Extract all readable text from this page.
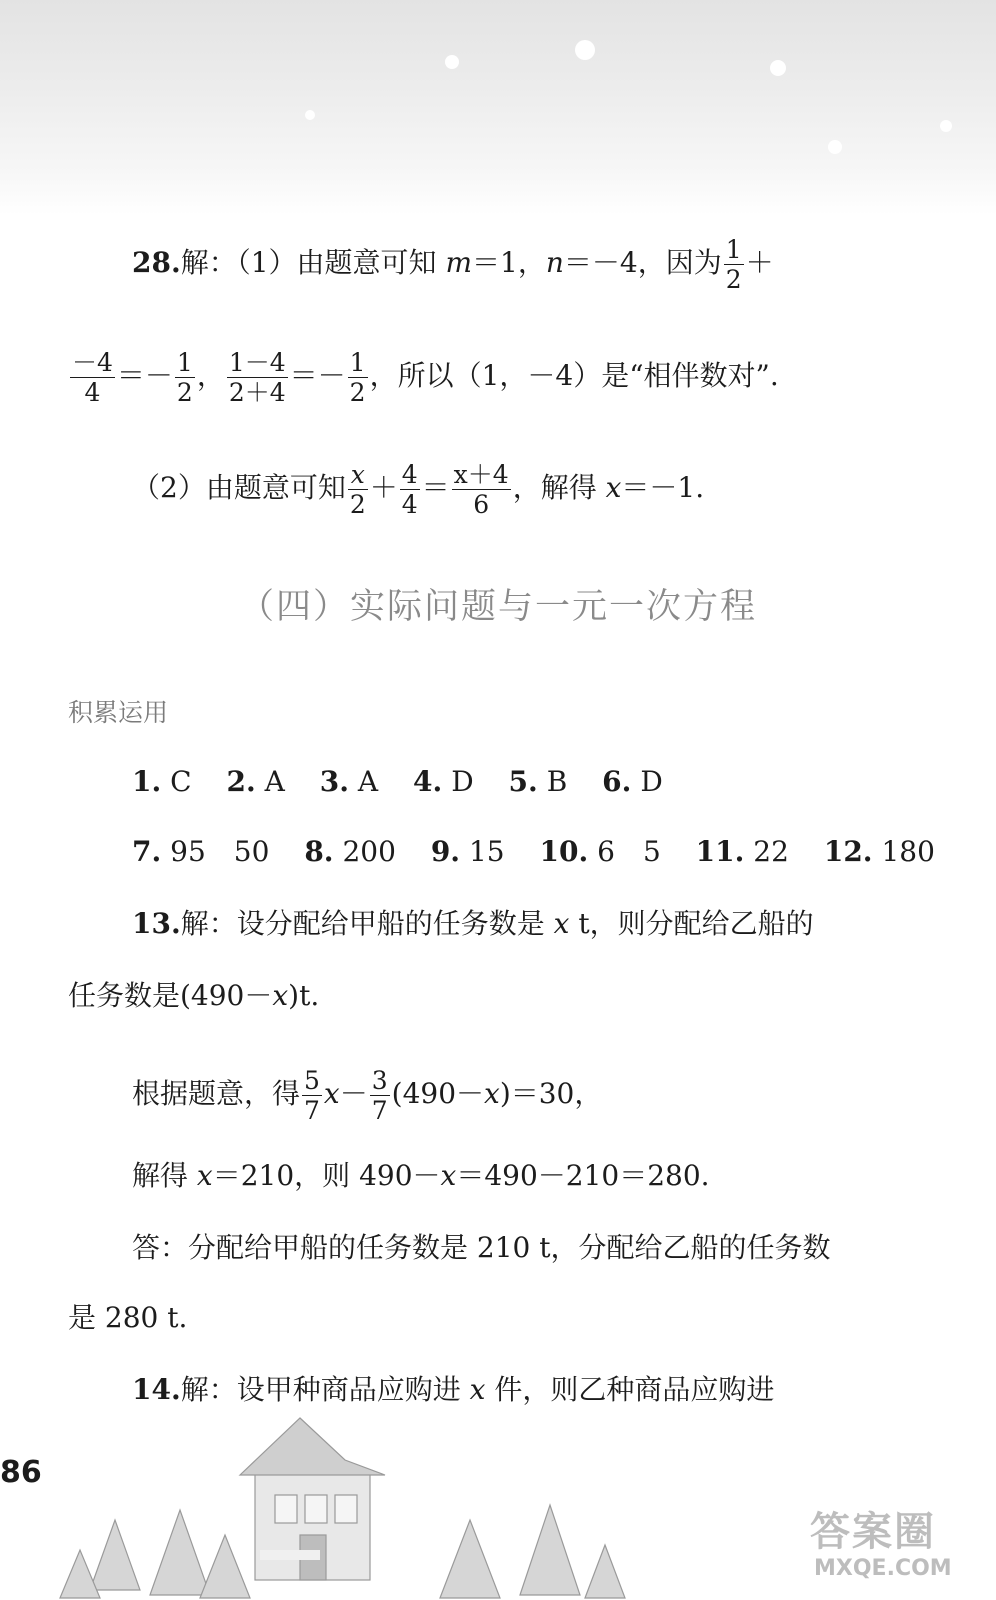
28.解：（1）由题意可知 m＝1，n＝－4，因为 $\frac{1}{2}$ ＋
$\frac{-4}{4} =- \frac{1}{2}$ ， $\frac{1-4}{2+4} =- \frac{1}{2}$ ，所以（1，－4）是“相伴数对”.
（2）由题意可知 $\frac{x}{2} + \frac{4}{4} = \frac{x+4}{6}$ ，解得 x＝－1.
（四）实际问题与一元一次方程
积累运用
1. C 2. A 3. A 4. D 5. B 6. D
7. 95　50 8. 200 9. 15 10. 6　5 11. 22 12. 180
13.解：设分配给甲船的任务数是 x t，则分配给乙船的
任务数是(490－x)t.
根据题意，得 $\frac{5}{7} x- \frac{3}{7} (490-x)=30$，
解得 x＝210，则 490－x＝490－210＝280.
答：分配给甲船的任务数是 210 t，分配给乙船的任务数
是 280 t.
14.解：设甲种商品应购进 x 件，则乙种商品应购进
86
答案圈
MXQE.COM
